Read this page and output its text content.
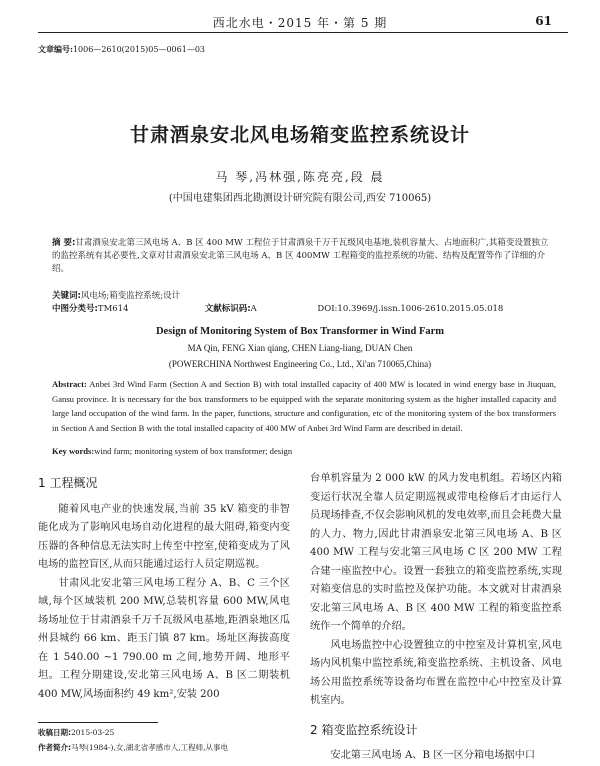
西北水电・2015 年・第 5 期	61
文章编号:1006—2610(2015)05—0061—03
甘肃酒泉安北风电场箱变监控系统设计
马 琴,冯林强,陈亮亮,段 晨
(中国电建集团西北勘测设计研究院有限公司,西安 710065)
摘 要:甘肃酒泉安北第三风电场 A、B 区 400 MW 工程位于甘肃酒泉千万千瓦级风电基地,装机容量大、占地面积广,其箱变设置独立的监控系统有其必要性,文章对甘肃酒泉安北第三风电场 A、B 区 400MW 工程箱变的监控系统的功能、结构及配置等作了详细的介绍。
关键词:风电场;箱变监控系统;设计
中图分类号:TM614	文献标识码:A	DOI:10.3969/j.issn.1006-2610.2015.05.018
Design of Monitoring System of Box Transformer in Wind Farm
MA Qin, FENG Xian qiang, CHEN Liang-liang, DUAN Chen
(POWERCHINA Northwest Engineering Co., Ltd., Xi'an 710065,China)
Abstract: Anbei 3rd Wind Farm (Section A and Section B) with total installed capacity of 400 MW is located in wind energy base in Jiuquan, Gansu province. It is necessary for the box transformers to be equipped with the separate monitoring system as the higher installed capacity and large land occupation of the wind farm. In the paper, functions, structure and configuration, etc of the monitoring system of the box transformers in Section A and Section B with the total installed capacity of 400 MW of Anbei 3rd Wind Farm are described in detail.
Key words:wind farm; monitoring system of box transformer; design
1 工程概况

随着风电产业的快速发展,当前 35 kV 箱变的非智能化成为了影响风电场自动化进程的最大阻碍,箱变内变压器的各种信息无法实时上传至中控室,使箱变成为了风电场的监控盲区,从而只能通过运行人员定期巡视。

甘肃风北安北第三风电场工程分 A、B、C 三个区域,每个区域装机 200 MW,总装机容量 600 MW,风电场场址位于甘肃酒泉千万千瓦级风电基地,距酒泉地区瓜州县城约 66 km、距玉门镇 87 km。场址区海拔高度在 1 540.00 ~1 790.00 m 之间,地势开阔、地形平坦。工程分期建设,安北第三风电场 A、B 区二期装机 400 MW,风场面积约 49 km²,安装 200

台单机容量为 2 000 kW 的风力发电机组。若场区内箱变运行状况全靠人员定期巡视或带电检修后才由运行人员现场排查,不仅会影响风机的发电效率,而且会耗费大量的人力、物力,因此甘肃酒泉安北第三风电场 A、B 区 400 MW 工程与安北第三风电场 C 区 200 MW 工程合建一座监控中心。设置一套独立的箱变监控系统,实现对箱变信息的实时监控及保护功能。本文就对甘肃酒泉安北第三风电场 A、B 区 400 MW 工程的箱变监控系统作一个简单的介绍。

风电场监控中心设置独立的中控室及计算机室,风电场内风机集中监控系统,箱变监控系统、主机设备、风电场公用监控系统等设备均布置在监控中心中控室及计算机室内。

2 箱变监控系统设计

安北第三风电场 A、B 区一区分箱电场据中口

收稿日期:2015-03-25
作者简介:马琴(1984-),女,湖北省孝感市人,工程师,从事电
